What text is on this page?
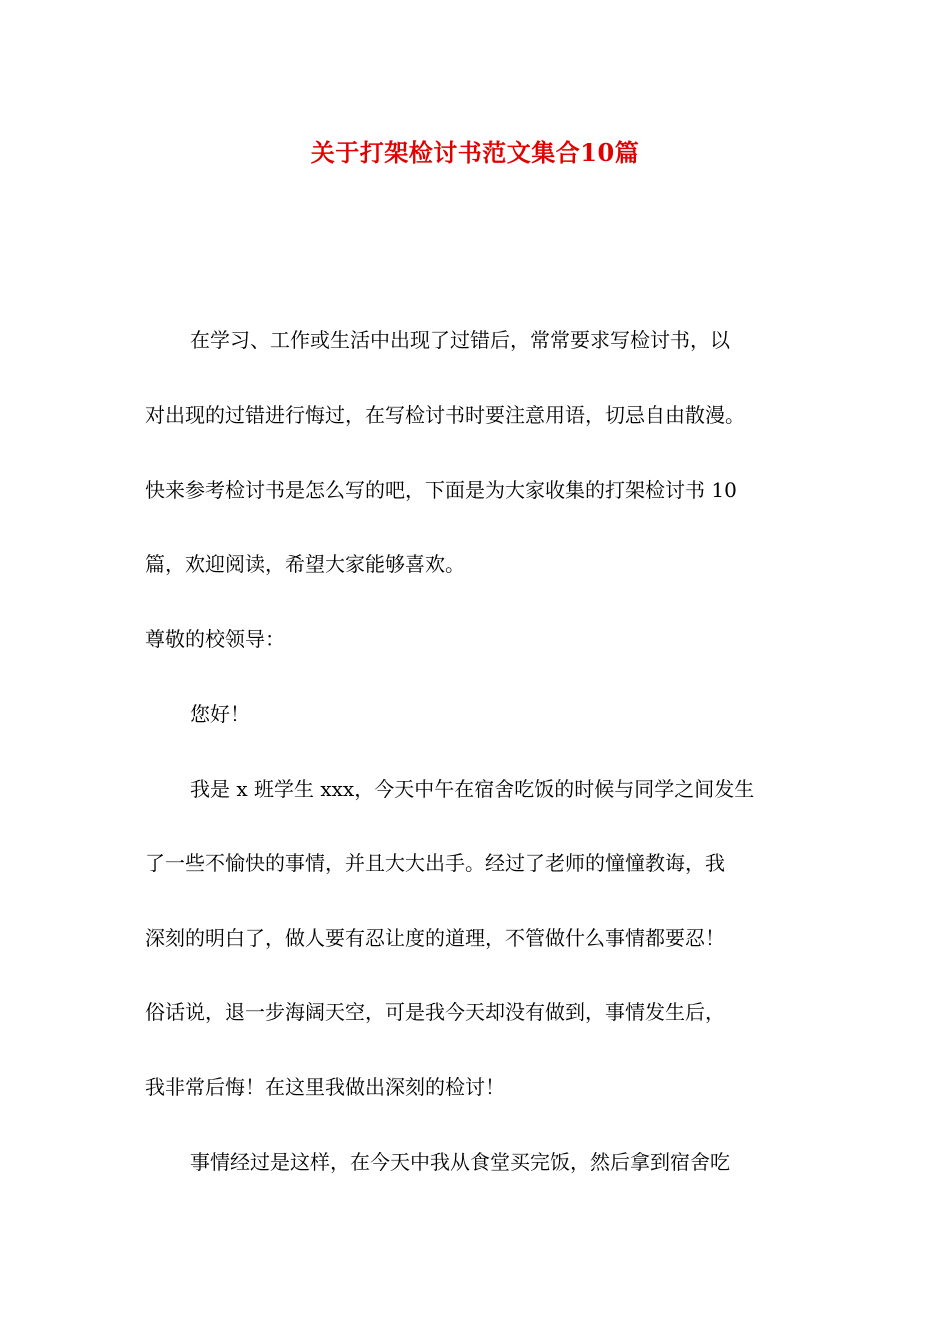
关于打架检讨书范文集合10篇
在学习、工作或生活中出现了过错后，常常要求写检讨书，以
对出现的过错进行悔过，在写检讨书时要注意用语，切忌自由散漫。
快来参考检讨书是怎么写的吧，下面是为大家收集的打架检讨书 10
篇，欢迎阅读，希望大家能够喜欢。
尊敬的校领导：
您好！
我是 x 班学生 xxx，今天中午在宿舍吃饭的时候与同学之间发生
了一些不愉快的事情，并且大大出手。经过了老师的憧憧教诲，我
深刻的明白了，做人要有忍让度的道理，不管做什么事情都要忍！
俗话说，退一步海阔天空，可是我今天却没有做到，事情发生后，
我非常后悔！在这里我做出深刻的检讨！
事情经过是这样，在今天中我从食堂买完饭，然后拿到宿舍吃
